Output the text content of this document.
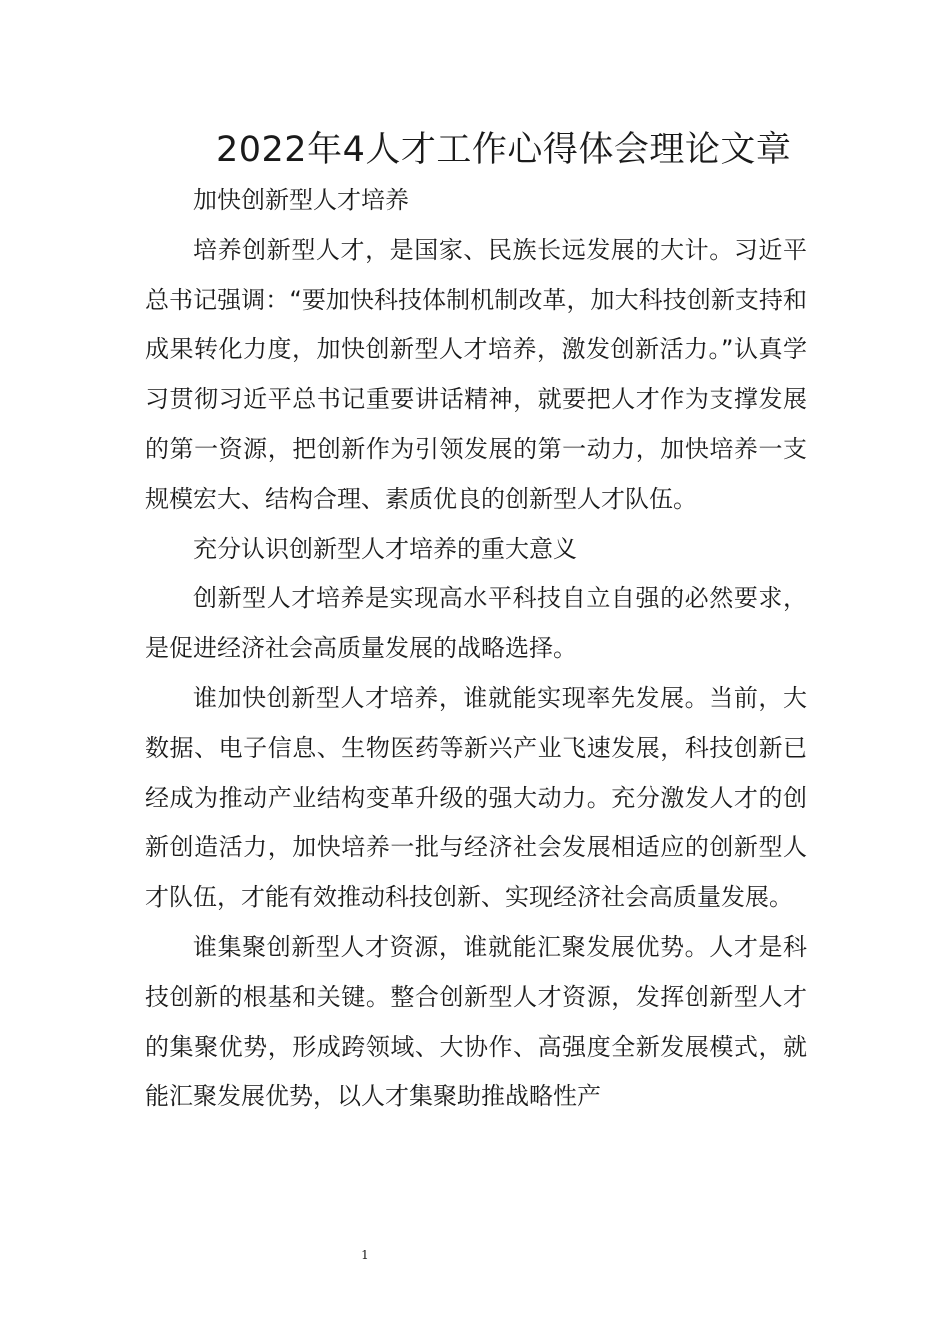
2022年4人才工作心得体会理论文章

加快创新型人才培养

培养创新型人才，是国家、民族长远发展的大计。习近平总书记强调：“要加快科技体制机制改革，加大科技创新支持和成果转化力度，加快创新型人才培养，激发创新活力。”认真学习贯彻习近平总书记重要讲话精神，就要把人才作为支撑发展的第一资源，把创新作为引领发展的第一动力，加快培养一支规模宏大、结构合理、素质优良的创新型人才队伍。

充分认识创新型人才培养的重大意义

创新型人才培养是实现高水平科技自立自强的必然要求，是促进经济社会高质量发展的战略选择。

谁加快创新型人才培养，谁就能实现率先发展。当前，大数据、电子信息、生物医药等新兴产业飞速发展，科技创新已经成为推动产业结构变革升级的强大动力。充分激发人才的创新创造活力，加快培养一批与经济社会发展相适应的创新型人才队伍，才能有效推动科技创新、实现经济社会高质量发展。

谁集聚创新型人才资源，谁就能汇聚发展优势。人才是科技创新的根基和关键。整合创新型人才资源，发挥创新型人才的集聚优势，形成跨领域、大协作、高强度全新发展模式，就能汇聚发展优势，以人才集聚助推战略性产

1
